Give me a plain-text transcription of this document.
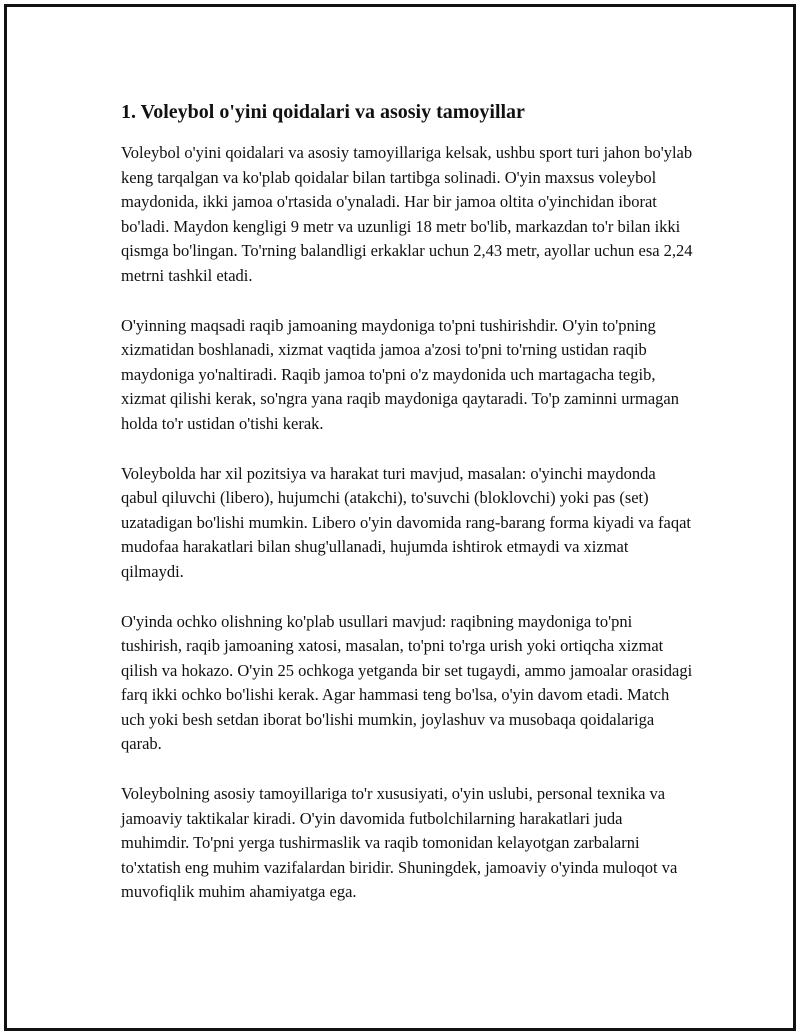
1. Voleybol o'yini qoidalari va asosiy tamoyillar

Voleybol o'yini qoidalari va asosiy tamoyillariga kelsak, ushbu sport turi jahon bo'ylab keng tarqalgan va ko'plab qoidalar bilan tartibga solinadi. O'yin maxsus voleybol maydonida, ikki jamoa o'rtasida o'ynaladi. Har bir jamoa oltita o'yinchidan iborat bo'ladi. Maydon kengligi 9 metr va uzunligi 18 metr bo'lib, markazdan to'r bilan ikki qismga bo'lingan. To'rning balandligi erkaklar uchun 2,43 metr, ayollar uchun esa 2,24 metrni tashkil etadi.

O'yinning maqsadi raqib jamoaning maydoniga to'pni tushirishdir. O'yin to'pning xizmatidan boshlanadi, xizmat vaqtida jamoa a'zosi to'pni to'rning ustidan raqib maydoniga yo'naltiradi. Raqib jamoa to'pni o'z maydonida uch martagacha tegib, xizmat qilishi kerak, so'ngra yana raqib maydoniga qaytaradi. To'p zaminni urmagan holda to'r ustidan o'tishi kerak.

Voleybolda har xil pozitsiya va harakat turi mavjud, masalan: o'yinchi maydonda qabul qiluvchi (libero), hujumchi (atakchi), to'suvchi (bloklovchi) yoki pas (set) uzatadigan bo'lishi mumkin. Libero o'yin davomida rang-barang forma kiyadi va faqat mudofaa harakatlari bilan shug'ullanadi, hujumda ishtirok etmaydi va xizmat qilmaydi.

O'yinda ochko olishning ko'plab usullari mavjud: raqibning maydoniga to'pni tushirish, raqib jamoaning xatosi, masalan, to'pni to'rga urish yoki ortiqcha xizmat qilish va hokazo. O'yin 25 ochkoga yetganda bir set tugaydi, ammo jamoalar orasidagi farq ikki ochko bo'lishi kerak. Agar hammasi teng bo'lsa, o'yin davom etadi. Match uch yoki besh setdan iborat bo'lishi mumkin, joylashuv va musobaqa qoidalariga qarab.

Voleybolning asosiy tamoyillariga to'r xususiyati, o'yin uslubi, personal texnika va jamoaviy taktikalar kiradi. O'yin davomida futbolchilarning harakatlari juda muhimdir. To'pni yerga tushirmaslik va raqib tomonidan kelayotgan zarbalarni to'xtatish eng muhim vazifalardan biridir. Shuningdek, jamoaviy o'yinda muloqot va muvofiqlik muhim ahamiyatga ega.
